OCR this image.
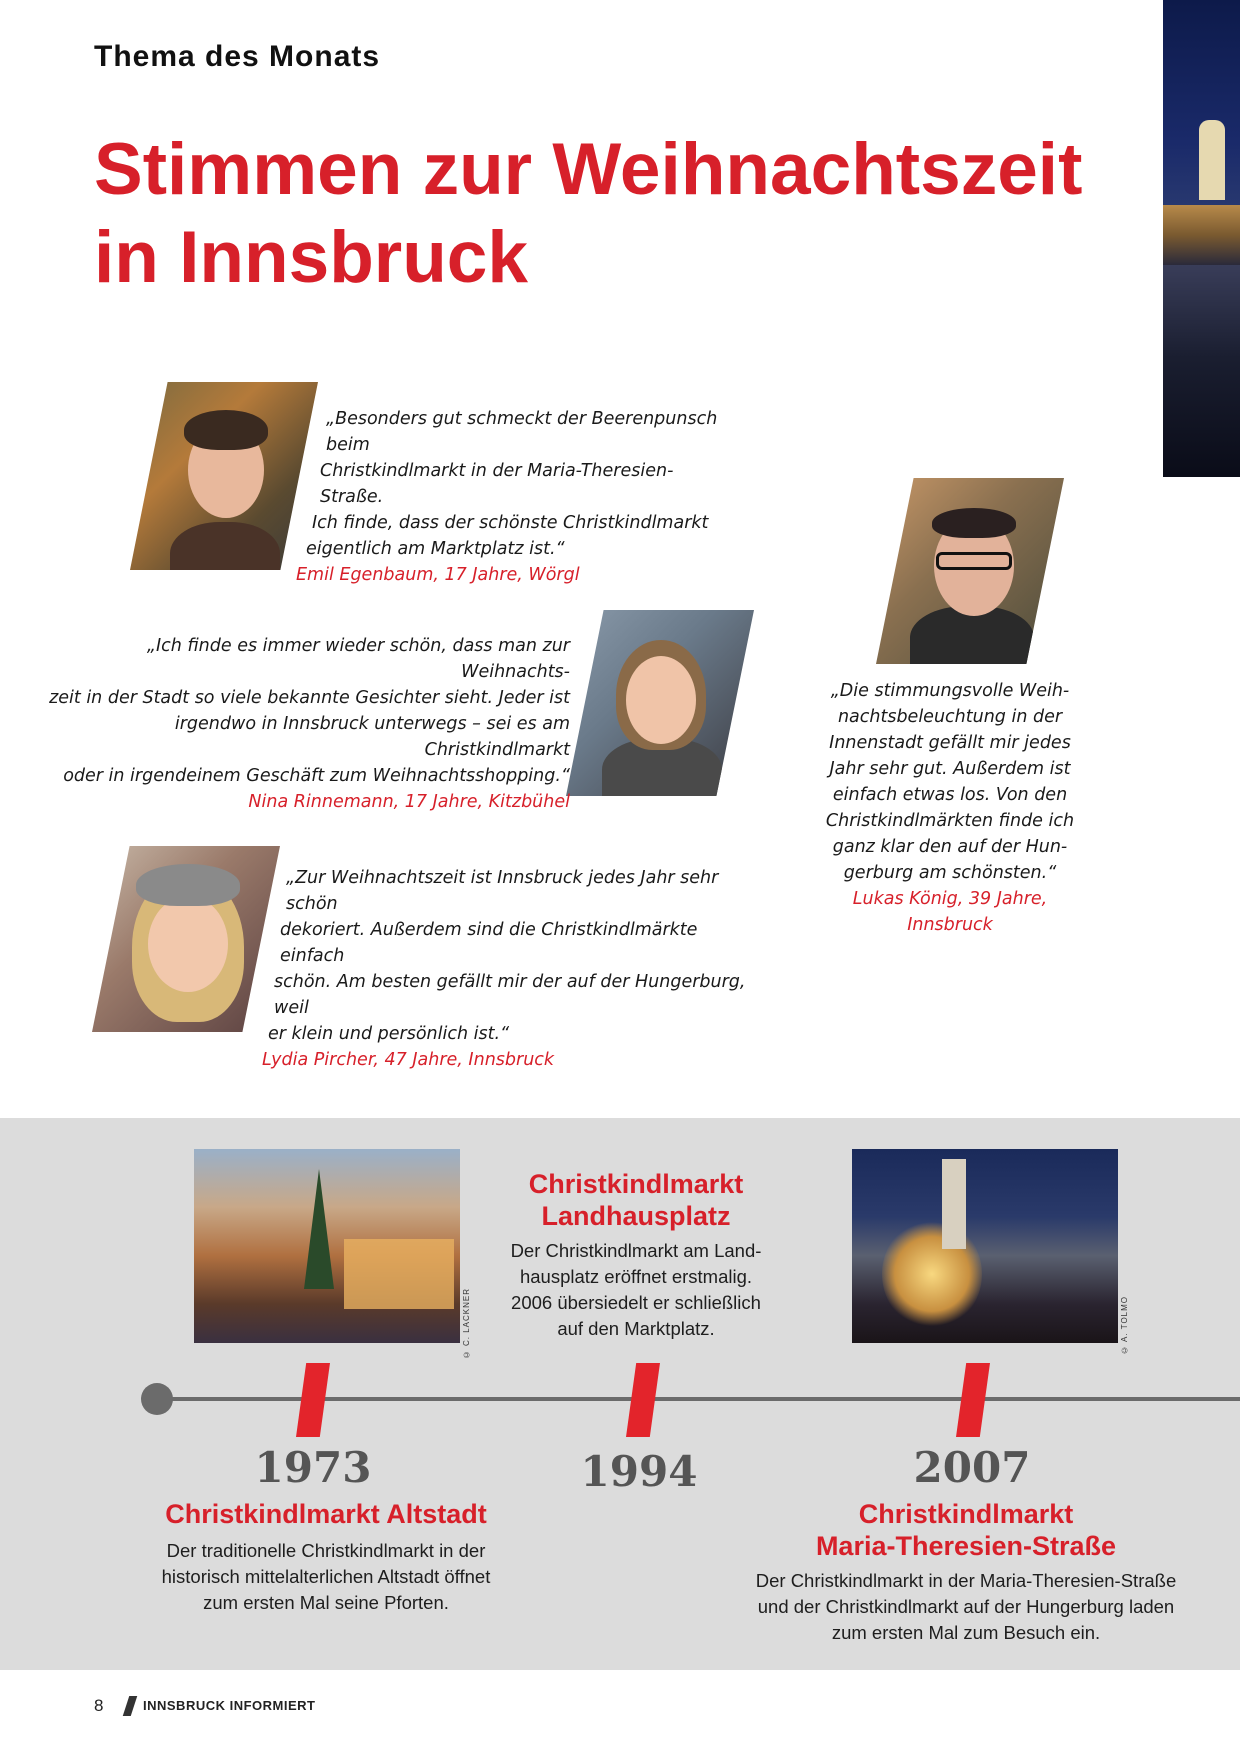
Thema des Monats
Stimmen zur Weihnachtszeit in Innsbruck
„Besonders gut schmeckt der Beerenpunsch beim
Christkindlmarkt in der Maria-Theresien-Straße.
Ich finde, dass der schönste Christkindlmarkt
eigentlich am Marktplatz ist.“
Emil Egenbaum, 17 Jahre, Wörgl
„Ich finde es immer wieder schön, dass man zur Weihnachts-
zeit in der Stadt so viele bekannte Gesichter sieht. Jeder ist
irgendwo in Innsbruck unterwegs – sei es am Christkindlmarkt
oder in irgendeinem Geschäft zum Weihnachtsshopping.“
Nina Rinnemann, 17 Jahre, Kitzbühel
„Zur Weihnachtszeit ist Innsbruck jedes Jahr sehr schön
dekoriert. Außerdem sind die Christkindlmärkte einfach
schön. Am besten gefällt mir der auf der Hungerburg, weil
er klein und persönlich ist.“
Lydia Pircher, 47 Jahre, Innsbruck
„Die stimmungsvolle Weih-
nachtsbeleuchtung in der
Innenstadt gefällt mir jedes
Jahr sehr gut. Außerdem ist
einfach etwas los. Von den
Christkindlmärkten finde ich
ganz klar den auf der Hun-
gerburg am schönsten.“
Lukas König, 39 Jahre,
Innsbruck
© C. LACKNER	© A. TOLMO
1973
Christkindlmarkt Altstadt
Der traditionelle Christkindlmarkt in der
historisch mittelalterlichen Altstadt öffnet
zum ersten Mal seine Pforten.
Christkindlmarkt
Landhausplatz
Der Christkindlmarkt am Land-
hausplatz eröffnet erstmalig.
2006 übersiedelt er schließlich
auf den Marktplatz.
1994	2007
Christkindlmarkt
Maria-Theresien-Straße
Der Christkindlmarkt in der Maria-Theresien-Straße
und der Christkindlmarkt auf der Hungerburg laden
zum ersten Mal zum Besuch ein.
8	INNSBRUCK INFORMIERT
